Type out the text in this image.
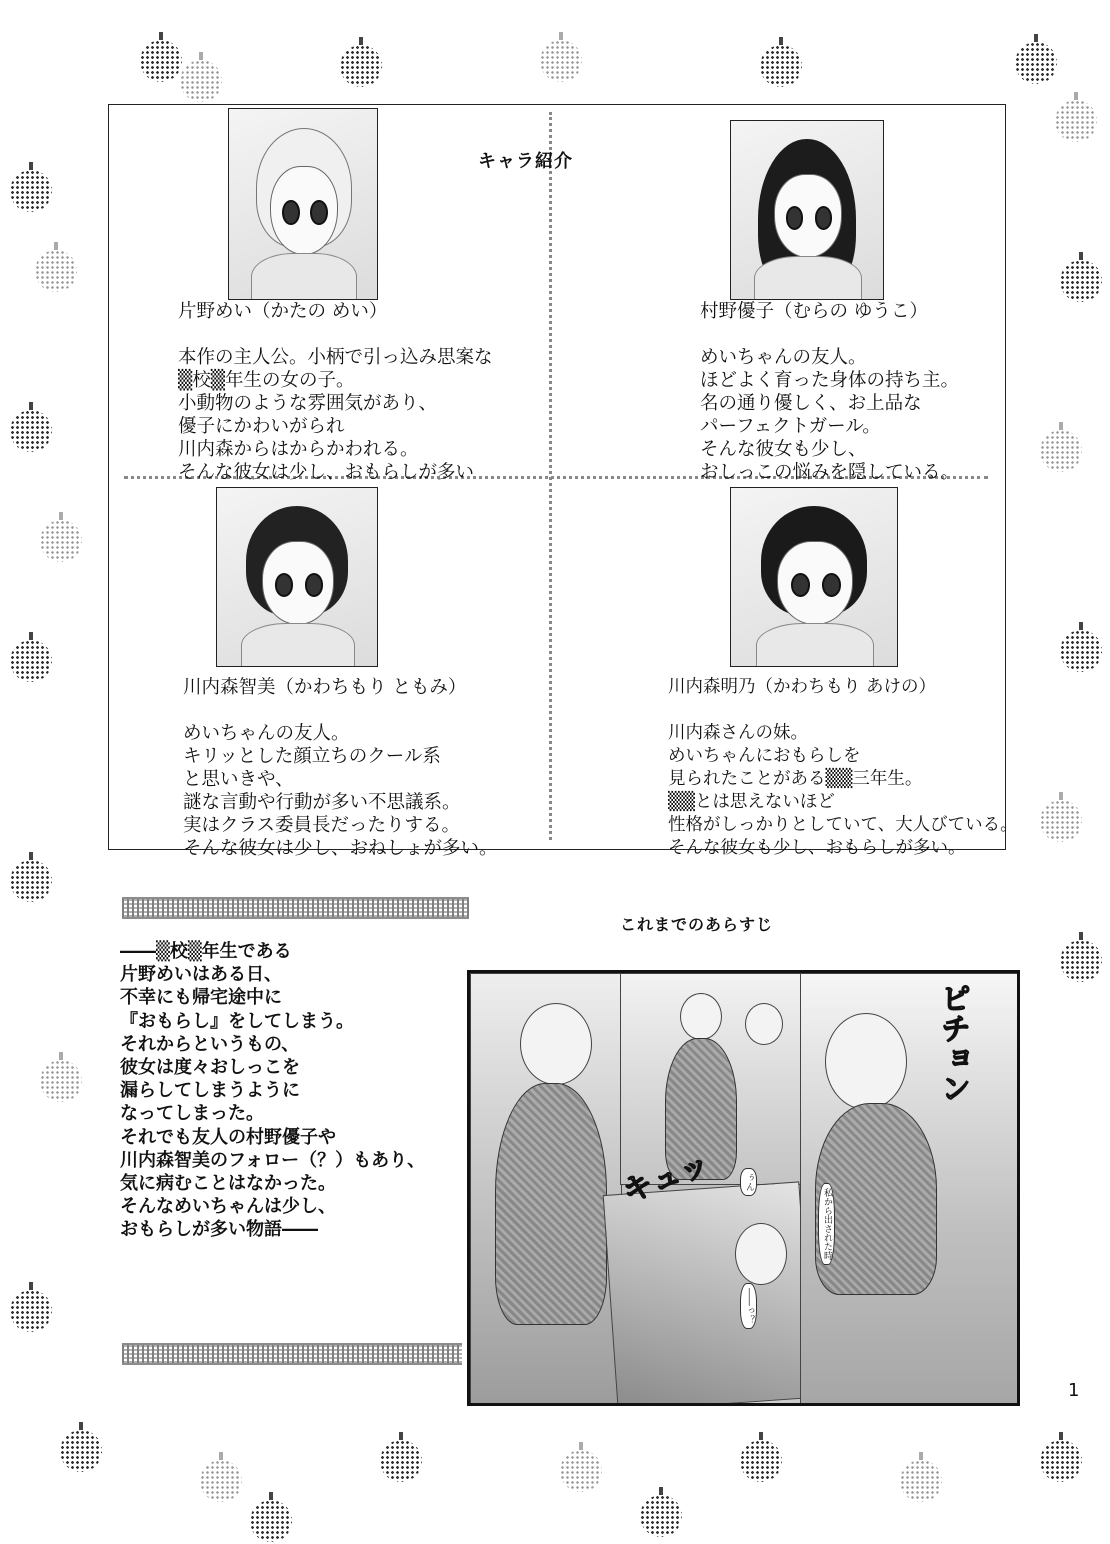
キャラ紹介
片野めい（かたの めい）
本作の主人公。小柄で引っ込み思案な
▒校▒年生の女の子。
小動物のような雰囲気があり、
優子にかわいがられ
川内森からはからかわれる。
そんな彼女は少し、おもらしが多い
村野優子（むらの ゆうこ）
めいちゃんの友人。
ほどよく育った身体の持ち主。
名の通り優しく、お上品な
パーフェクトガール。
そんな彼女も少し、
おしっこの悩みを隠している。
川内森智美（かわちもり ともみ）
めいちゃんの友人。
キリッとした顔立ちのクール系
と思いきや、
謎な言動や行動が多い不思議系。
実はクラス委員長だったりする。
そんな彼女は少し、おねしょが多い。
川内森明乃（かわちもり あけの）
川内森さんの妹。
めいちゃんにおもらしを
見られたことがある▒▒三年生。
▒▒とは思えないほど
性格がしっかりとしていて、大人びている。
そんな彼女も少し、おもらしが多い。
これまでのあらすじ
――▒校▒年生である
片野めいはある日、
不幸にも帰宅途中に
『おもらし』をしてしまう。
それからというもの、
彼女は度々おしっこを
漏らしてしまうように
なってしまった。
それでも友人の村野優子や
川内森智美のフォロー（？）もあり、
気に病むことはなかった。
そんなめいちゃんは少し、
おもらしが多い物語――
ピチョン
キュッ	ぅん
――っ？
私から出された時
1
